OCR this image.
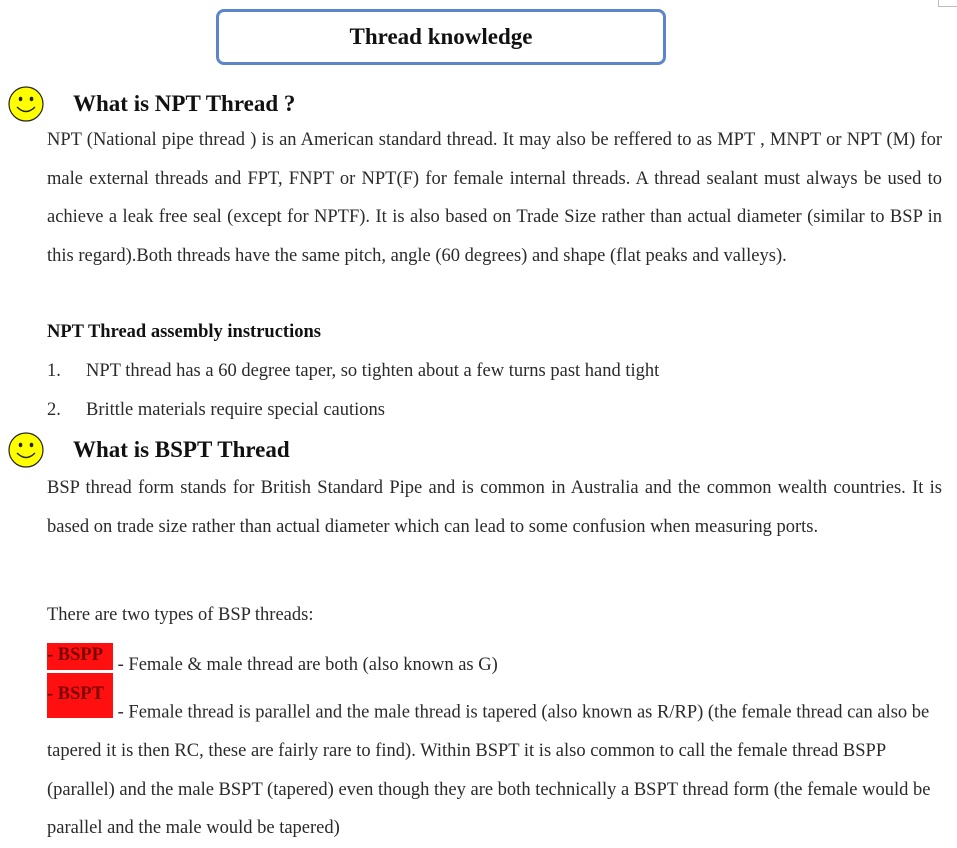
Thread knowledge
What is NPT Thread ?

NPT (National pipe thread ) is an American standard thread. It may also be reffered to as MPT , MNPT or NPT (M) for male external threads and FPT, FNPT or NPT(F) for female internal threads. A thread sealant must always be used to achieve a leak free seal (except for NPTF). It is also based on Trade Size rather than actual diameter (similar to BSP in this regard).Both threads have the same pitch, angle (60 degrees) and shape (flat peaks and valleys).

NPT Thread assembly instructions
1.	NPT thread has a 60 degree taper, so tighten about a few turns past hand tight
2.	Brittle materials require special cautions
What is BSPT Thread

BSP thread form stands for British Standard Pipe and is common in Australia and the common wealth countries. It is based on trade size rather than actual diameter which can lead to some confusion when measuring ports.

There are two types of BSP threads:
- BSPP - Female & male thread are both (also known as G)

- BSPT - Female thread is parallel and the male thread is tapered (also known as R/RP) (the female thread can also be tapered it is then RC, these are fairly rare to find). Within BSPT it is also common to call the female thread BSPP (parallel) and the male BSPT (tapered) even though they are both technically a BSPT thread form (the female would be parallel and the male would be tapered)
